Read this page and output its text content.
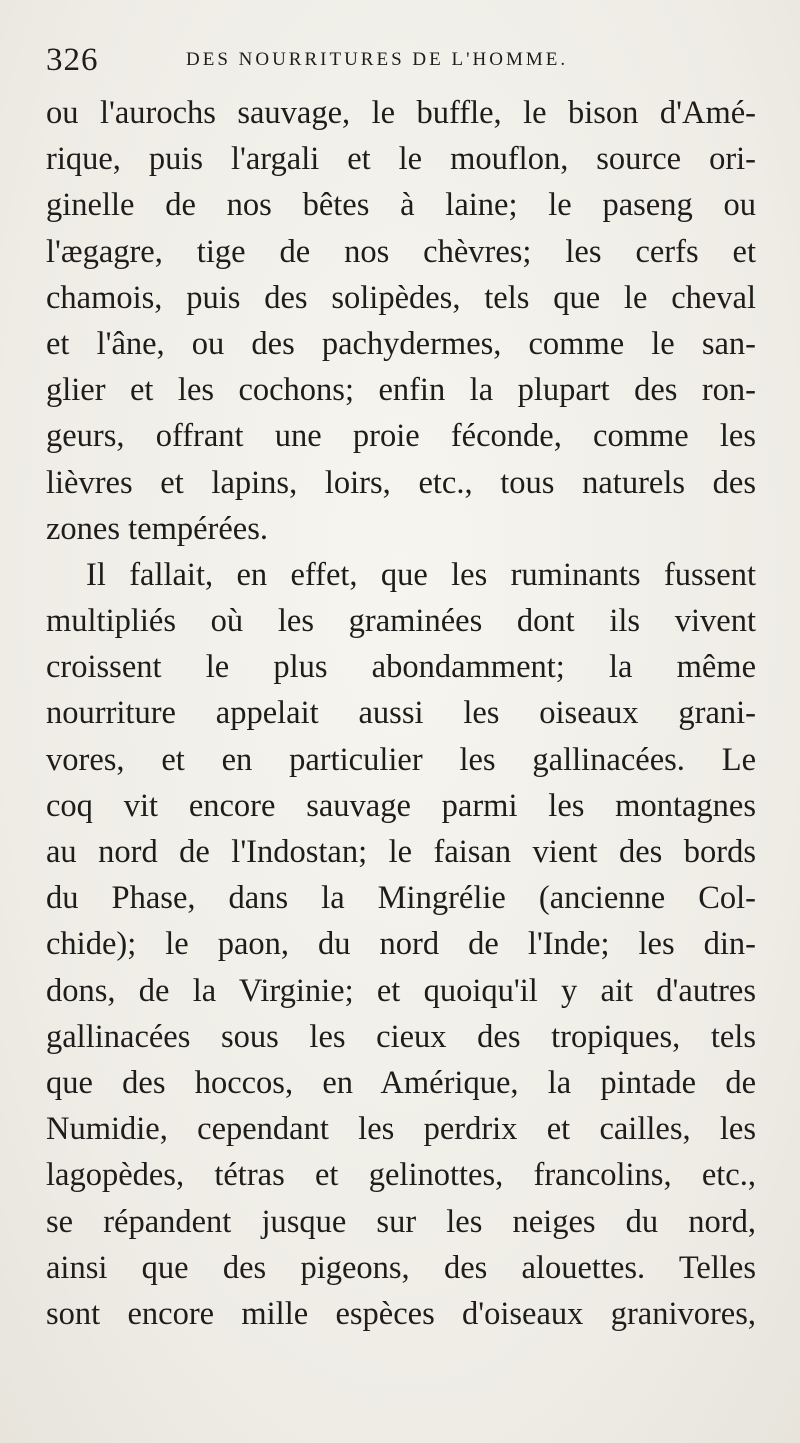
326	DES NOURRITURES DE L'HOMME.
ou l'aurochs sauvage, le buffle, le bison d'Amé-
rique, puis l'argali et le mouflon, source ori-
ginelle de nos bêtes à laine; le paseng ou
l'ægagre, tige de nos chèvres; les cerfs et
chamois, puis des solipèdes, tels que le cheval
et l'âne, ou des pachydermes, comme le san-
glier et les cochons; enfin la plupart des ron-
geurs, offrant une proie féconde, comme les
lièvres et lapins, loirs, etc., tous naturels des
zones tempérées.
Il fallait, en effet, que les ruminants fussent
multipliés où les graminées dont ils vivent
croissent le plus abondamment; la même
nourriture appelait aussi les oiseaux grani-
vores, et en particulier les gallinacées. Le
coq vit encore sauvage parmi les montagnes
au nord de l'Indostan; le faisan vient des bords
du Phase, dans la Mingrélie (ancienne Col-
chide); le paon, du nord de l'Inde; les din-
dons, de la Virginie; et quoiqu'il y ait d'autres
gallinacées sous les cieux des tropiques, tels
que des hoccos, en Amérique, la pintade de
Numidie, cependant les perdrix et cailles, les
lagopèdes, tétras et gelinottes, francolins, etc.,
se répandent jusque sur les neiges du nord,
ainsi que des pigeons, des alouettes. Telles
sont encore mille espèces d'oiseaux granivores,
